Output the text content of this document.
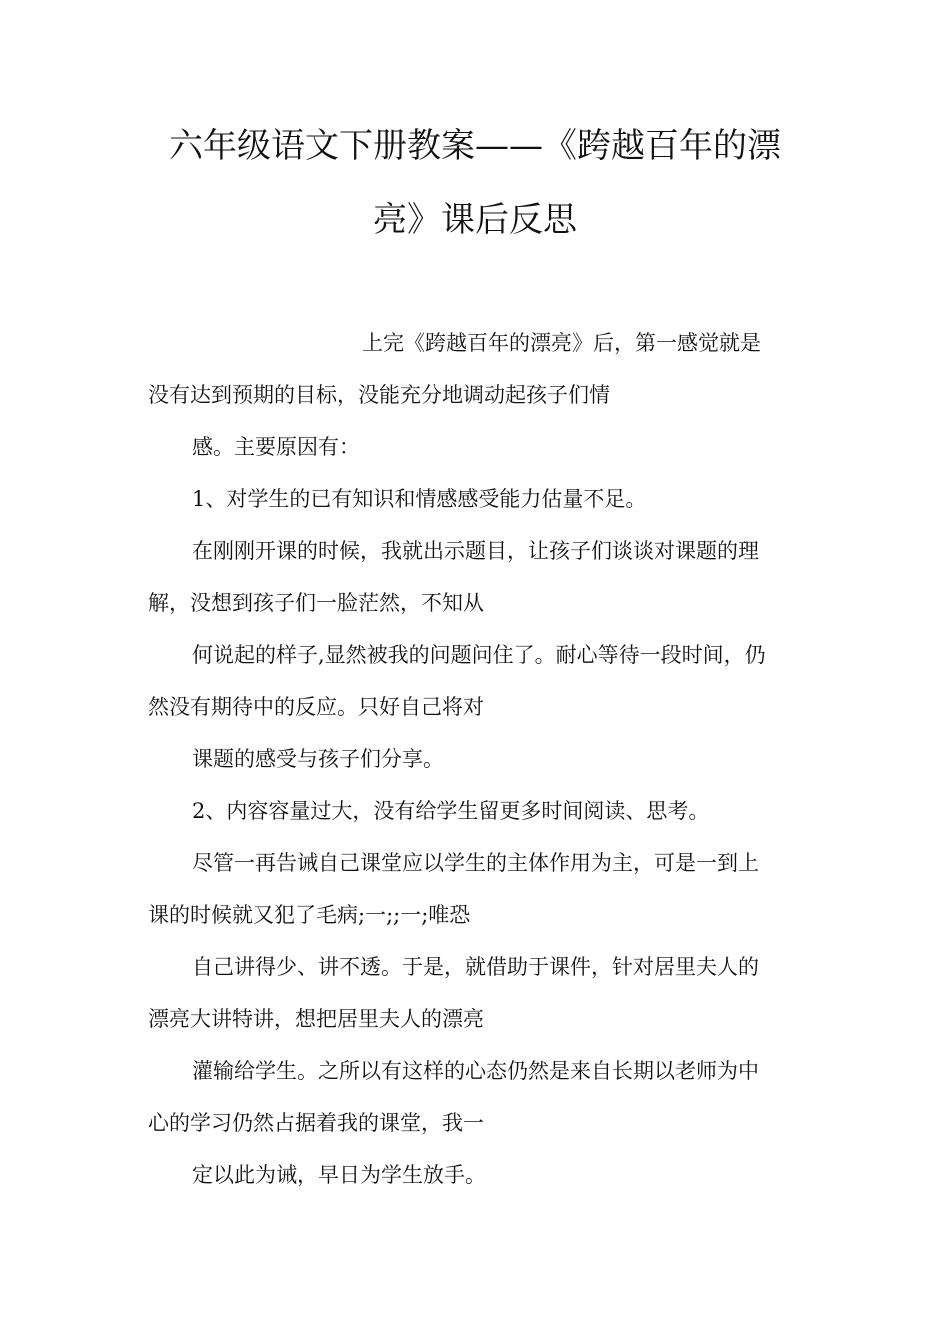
六年级语文下册教案——《跨越百年的漂
亮》课后反思
上完《跨越百年的漂亮》后，第一感觉就是
没有达到预期的目标，没能充分地调动起孩子们情
感。主要原因有：
1、对学生的已有知识和情感感受能力估量不足。
在刚刚开课的时候，我就出示题目，让孩子们谈谈对课题的理
解，没想到孩子们一脸茫然，不知从
何说起的样子,显然被我的问题问住了。耐心等待一段时间，仍
然没有期待中的反应。只好自己将对
课题的感受与孩子们分享。
2、内容容量过大，没有给学生留更多时间阅读、思考。
尽管一再告诫自己课堂应以学生的主体作用为主，可是一到上
课的时候就又犯了毛病;一;;一;唯恐
自己讲得少、讲不透。于是，就借助于课件，针对居里夫人的
漂亮大讲特讲，想把居里夫人的漂亮
灌输给学生。之所以有这样的心态仍然是来自长期以老师为中
心的学习仍然占据着我的课堂，我一
定以此为诫，早日为学生放手。
